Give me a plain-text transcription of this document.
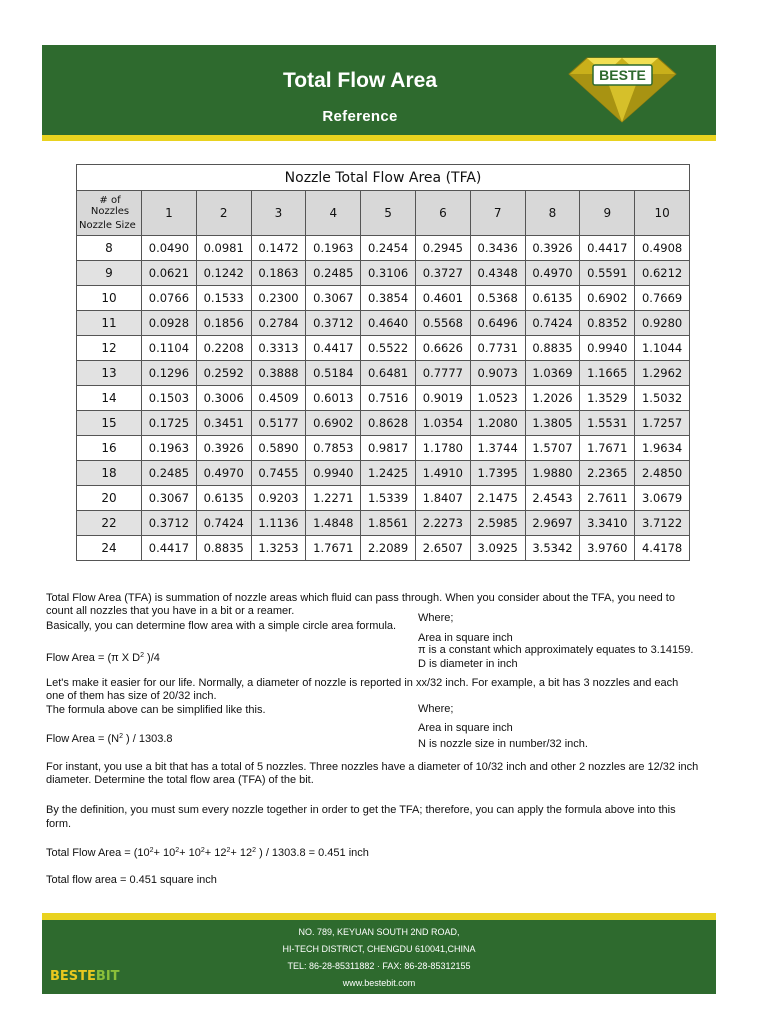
Total Flow Area
Reference
BESTE
Nozzle Total Flow Area (TFA)										

# of Nozzles
Nozzle Size	1	2	3	4	5	6	7	8	9	10
8	0.0490	0.0981	0.1472	0.1963	0.2454	0.2945	0.3436	0.3926	0.4417	0.4908
9	0.0621	0.1242	0.1863	0.2485	0.3106	0.3727	0.4348	0.4970	0.5591	0.6212
10	0.0766	0.1533	0.2300	0.3067	0.3854	0.4601	0.5368	0.6135	0.6902	0.7669
11	0.0928	0.1856	0.2784	0.3712	0.4640	0.5568	0.6496	0.7424	0.8352	0.9280
12	0.1104	0.2208	0.3313	0.4417	0.5522	0.6626	0.7731	0.8835	0.9940	1.1044
13	0.1296	0.2592	0.3888	0.5184	0.6481	0.7777	0.9073	1.0369	1.1665	1.2962
14	0.1503	0.3006	0.4509	0.6013	0.7516	0.9019	1.0523	1.2026	1.3529	1.5032
15	0.1725	0.3451	0.5177	0.6902	0.8628	1.0354	1.2080	1.3805	1.5531	1.7257
16	0.1963	0.3926	0.5890	0.7853	0.9817	1.1780	1.3744	1.5707	1.7671	1.9634
18	0.2485	0.4970	0.7455	0.9940	1.2425	1.4910	1.7395	1.9880	2.2365	2.4850
20	0.3067	0.6135	0.9203	1.2271	1.5339	1.8407	2.1475	2.4543	2.7611	3.0679
22	0.3712	0.7424	1.1136	1.4848	1.8561	2.2273	2.5985	2.9697	3.3410	3.7122
24	0.4417	0.8835	1.3253	1.7671	2.2089	2.6507	3.0925	3.5342	3.9760	4.4178
Total Flow Area (TFA) is summation of nozzle areas which fluid can pass through. When you consider about the TFA, you need to
count all nozzles that you have in a bit or a reamer.
Basically, you can determine flow area with a simple circle area formula.
Where;
Area in square inch
π is a constant which approximately equates to 3.14159.
D is diameter in inch
Flow Area = (π X $D^2$ )/4
Let's make it easier for our life. Normally, a diameter of nozzle is reported in xx/32 inch. For example, a bit has 3 nozzles and each
one of them has size of 20/32 inch.
The formula above can be simplified like this.	Where;
Area in square inch
N is nozzle size in number/32 inch.
Flow Area = ($N^2$ ) / 1303.8
For instant, you use a bit that has a total of 5 nozzles. Three nozzles have a diameter of 10/32 inch and other 2 nozzles are 12/32 inch
diameter. Determine the total flow area (TFA) of the bit.
By the definition, you must sum every nozzle together in order to get the TFA; therefore, you can apply the formula above into this
form.
Total Flow Area = ($10^2+ 10^2+ 10^2+ 12^2+ 12^2$ ) / 1303.8 = 0.451 inch
Total flow area = 0.451 square inch
NO. 789, KEYUAN SOUTH 2ND ROAD,
HI-TECH DISTRICT, CHENGDU 610041,CHINA
TEL: 86-28-85311882 · FAX: 86-28-85312155
www.bestebit.com
BESTEBIT
